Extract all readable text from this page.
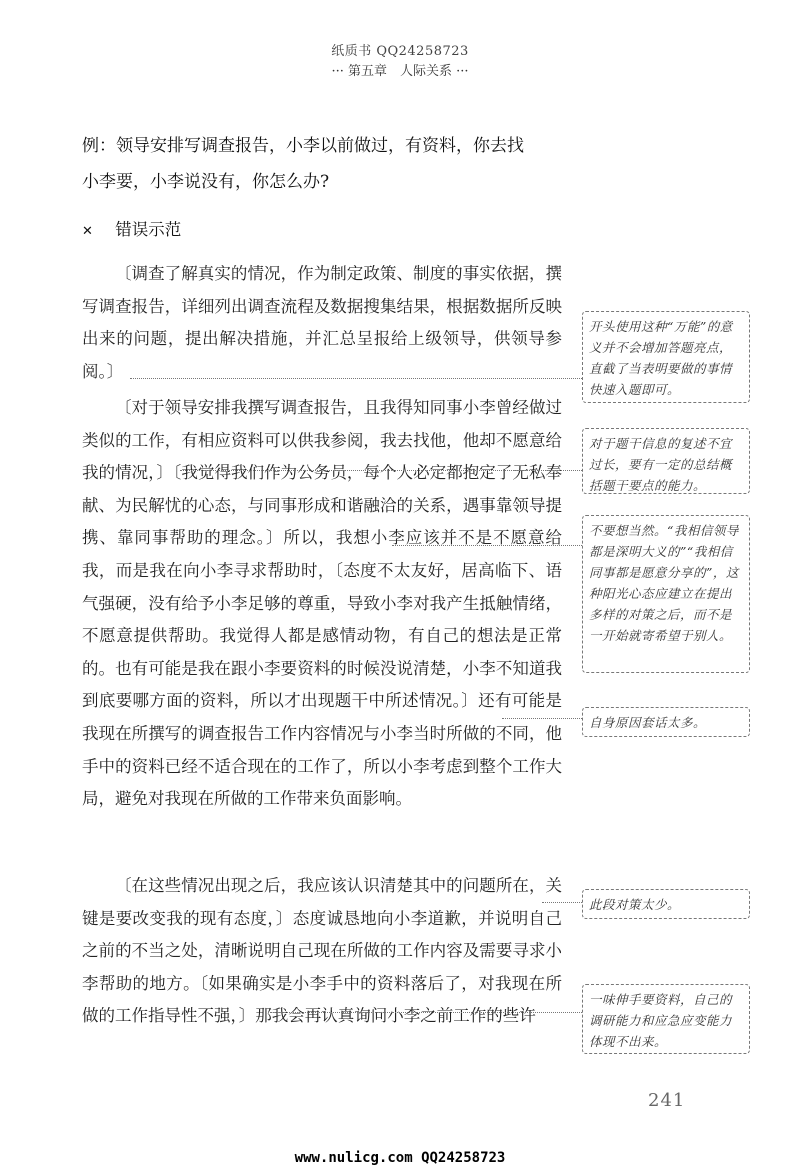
纸质书 QQ24258723
··· 第五章　人际关系 ···

例：领导安排写调查报告，小李以前做过，有资料，你去找

小李要，小李说没有，你怎么办?

✕ 错误示范

〔调查了解真实的情况，作为制定政策、制度的事实依据，撰写调查报告，详细列出调查流程及数据搜集结果，根据数据所反映出来的问题，提出解决措施，并汇总呈报给上级领导，供领导参阅。〕

〔对于领导安排我撰写调查报告，且我得知同事小李曾经做过类似的工作，有相应资料可以供我参阅，我去找他，他却不愿意给我的情况，〕〔我觉得我们作为公务员，每个人必定都抱定了无私奉献、为民解忧的心态，与同事形成和谐融洽的关系，遇事靠领导提携、靠同事帮助的理念。〕所以，我想小李应该并不是不愿意给我，而是我在向小李寻求帮助时，〔态度不太友好，居高临下、语气强硬，没有给予小李足够的尊重，导致小李对我产生抵触情绪，不愿意提供帮助。我觉得人都是感情动物，有自己的想法是正常的。也有可能是我在跟小李要资料的时候没说清楚，小李不知道我到底要哪方面的资料，所以才出现题干中所述情况。〕还有可能是我现在所撰写的调查报告工作内容情况与小李当时所做的不同，他手中的资料已经不适合现在的工作了，所以小李考虑到整个工作大局，避免对我现在所做的工作带来负面影响。

〔在这些情况出现之后，我应该认识清楚其中的问题所在，关键是要改变我的现有态度，〕态度诚恳地向小李道歉，并说明自己之前的不当之处，清晰说明自己现在所做的工作内容及需要寻求小李帮助的地方。〔如果确实是小李手中的资料落后了，对我现在所做的工作指导性不强，〕那我会再认真询问小李之前工作的些许

开头使用这种“万能”的意义并不会增加答题亮点，直截了当表明要做的事情快速入题即可。
对于题干信息的复述不宜过长，要有一定的总结概括题干要点的能力。
不要想当然。“我相信领导都是深明大义的”“我相信同事都是愿意分享的”，这种阳光心态应建立在提出多样的对策之后，而不是一开始就寄希望于别人。
自身原因套话太多。
此段对策太少。
一味伸手要资料，自己的调研能力和应急应变能力体现不出来。
241
www.nulicg.com QQ24258723
